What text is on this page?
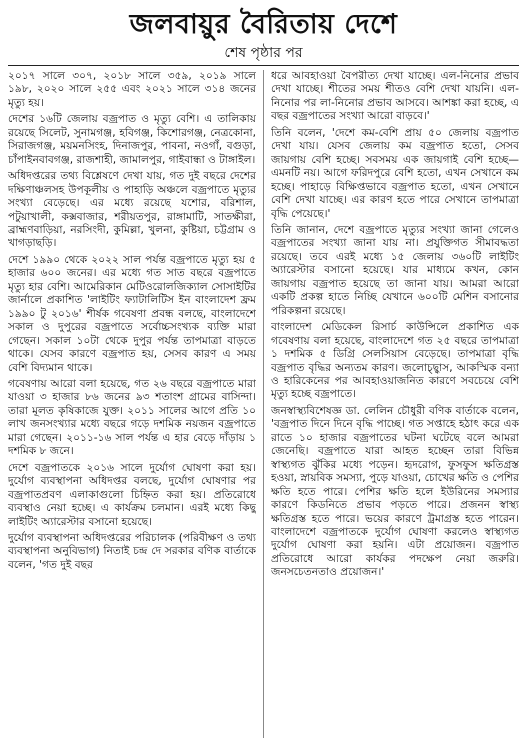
জলবায়ুর বৈরিতায় দেশে
শেষ পৃষ্ঠার পর

২০১৭ সালে ৩০৭, ২০১৮ সালে ৩৫৯, ২০১৯ সালে ১৯৮, ২০২০ সালে ২৫৫ এবং ২০২১ সালে ৩১৪ জনের মৃত্যু হয়।

দেশের ১৬টি জেলায় বজ্রপাত ও মৃত্যু বেশি। এ তালিকায় রয়েছে সিলেট, সুনামগঞ্জ, হবিগঞ্জ, কিশোরগঞ্জ, নেত্রকোনা, সিরাজগঞ্জ, ময়মনসিংহ, দিনাজপুর, পাবনা, নওগাঁ, বগুড়া, চাঁপাইনবাবগঞ্জ, রাজশাহী, জামালপুর, গাইবান্ধা ও টাঙ্গাইল।

অধিদপ্তরের তথ্য বিশ্লেষণে দেখা যায়, গত দুই বছরে দেশের দক্ষিণাঞ্চলসহ উপকূলীয় ও পাহাড়ি অঞ্চলে বজ্রপাতে মৃত্যুর সংখ্যা বেড়েছে। এর মধ্যে রয়েছে যশোর, বরিশাল, পটুয়াখালী, কক্সবাজার, শরীয়তপুর, রাঙ্গামাটি, সাতক্ষীরা, ব্রাহ্মণবাড়িয়া, নরসিংদী, কুমিল্লা, খুলনা, কুষ্টিয়া, চট্টগ্রাম ও খাগড়াছড়ি।

দেশে ১৯৯০ থেকে ২০২২ সাল পর্যন্ত বজ্রপাতে মৃত্যু হয় ৫ হাজার ৬০০ জনের। এর মধ্যে গত সাত বছরে বজ্রপাতে মৃত্যু হার বেশি। আমেরিকান মেটিওরোলজিক্যাল সোসাইটির জার্নালে প্রকাশিত 'লাইটিং ফ্যাটালিটিস ইন বাংলাদেশ ফ্রম ১৯৯০ টু ২০১৬' শীর্ষক গবেষণা প্রবন্ধ বলছে, বাংলাদেশে সকাল ও দুপুরের বজ্রপাতে সর্বোচ্চসংখ্যক ব্যক্তি মারা গেছেন। সকাল ১০টা থেকে দুপুর পর্যন্ত তাপমাত্রা বাড়তে থাকে। যেসব কারণে বজ্রপাত হয়, সেসব কারণ এ সময় বেশি বিদ্যমান থাকে।

গবেষণায় আরো বলা হয়েছে, গত ২৬ বছরে বজ্রপাতে মারা যাওয়া ৩ হাজার ৮৬ জনের ৯৩ শতাংশ গ্রামের বাসিন্দা। তারা মূলত কৃষিকাজে যুক্ত। ২০১১ সালের আগে প্রতি ১০ লাখ জনসংখ্যার মধ্যে বছরে গড়ে দশমিক নয়জন বজ্রপাতে মারা গেছেন। ২০১১-১৬ সাল পর্যন্ত এ হার বেড়ে দাঁড়ায় ১ দশমিক ৮ জনে।

দেশে বজ্রপাতকে ২০১৬ সালে দুর্যোগ ঘোষণা করা হয়। দুর্যোগ ব্যবস্থাপনা অধিদপ্তর বলছে, দুর্যোগ ঘোষণার পর বজ্রপাতপ্রবণ এলাকাগুলো চিহ্নিত করা হয়। প্রতিরোধে ব্যবস্থাও নেয়া হচ্ছে। এ কার্যক্রম চলমান। এরই মধ্যে কিছু লাইটিং অ্যারেস্টার বসানো হয়েছে।

দুর্যোগ ব্যবস্থাপনা অধিদপ্তরের পরিচালক (পরিবীক্ষণ ও তথ্য ব্যবস্থাপনা অনুবিভাগ) নিতাই চন্দ্র দে সরকার বণিক বার্তাকে বলেন, 'গত দুই বছর

ধরে আবহাওয়া বৈপরীত্য দেখা যাচ্ছে। এল-নিনোর প্রভাব দেখা যাচ্ছে। শীতের সময় শীতও বেশি দেখা যায়নি। এল-নিনোর পর লা-নিনোর প্রভাব আসবে। আশঙ্কা করা হচ্ছে, এ বছর বজ্রপাতের সংখ্যা আরো বাড়বে।'

তিনি বলেন, 'দেশে কম-বেশি প্রায় ৫০ জেলায় বজ্রপাত দেখা যায়। যেসব জেলায় কম বজ্রপাত হতো, সেসব জায়গায় বেশি হচ্ছে। সবসময় এক জায়গাই বেশি হচ্ছে—এমনটি নয়। আগে ফরিদপুরে বেশি হতো, এখন সেখানে কম হচ্ছে। পাহাড়ে বিক্ষিপ্তভাবে বজ্রপাত হতো, এখন সেখানে বেশি দেখা যাচ্ছে। এর কারণ হতে পারে সেখানে তাপমাত্রা বৃদ্ধি পেয়েছে।'

তিনি জানান, দেশে বজ্রপাতে মৃত্যুর সংখ্যা জানা গেলেও বজ্রপাতের সংখ্যা জানা যায় না। প্রযুক্তিগত সীমাবদ্ধতা রয়েছে। তবে এরই মধ্যে ১৫ জেলায় ৩৬০টি লাইটিং অ্যারেস্টার বসানো হয়েছে। যার মাধ্যমে কখন, কোন জায়গায় বজ্রপাত হয়েছে তা জানা যায়। আমরা আরো একটি প্রকল্প হাতে নিচ্ছি যেখানে ৬০০টি মেশিন বসানোর পরিকল্পনা রয়েছে।

বাংলাদেশ মেডিকেল রিসার্চ কাউন্সিলে প্রকাশিত এক গবেষণায় বলা হয়েছে, বাংলাদেশে গত ২৫ বছরে তাপমাত্রা ১ দশমিক ৫ ডিগ্রি সেলসিয়াস বেড়েছে। তাপমাত্রা বৃদ্ধি বজ্রপাত বৃদ্ধির অন্যতম কারণ। জলোচ্ছ্বাস, আকস্মিক বন্যা ও হারিকেনের পর আবহাওয়াজনিত কারণে সবচেয়ে বেশি মৃত্যু হচ্ছে বজ্রপাতে।

জনস্বাস্থ্যবিশেষজ্ঞ ডা. লেলিন চৌধুরী বণিক বার্তাকে বলেন, 'বজ্রপাত দিনে দিনে বৃদ্ধি পাচ্ছে। গত সপ্তাহে হঠাৎ করে এক রাতে ১০ হাজার বজ্রপাতের ঘটনা ঘটেছে বলে আমরা জেনেছি। বজ্রপাতে যারা আহত হচ্ছেন তারা বিভিন্ন স্বাস্থ্যগত ঝুঁকির মধ্যে পড়েন। হৃদরোগ, ফুসফুস ক্ষতিগ্রস্ত হওয়া, স্নায়বিক সমস্যা, পুড়ে যাওয়া, চোখের ক্ষতি ও পেশির ক্ষতি হতে পারে। পেশির ক্ষতি হলে ইউরিনের সমস্যার কারণে কিডনিতে প্রভাব পড়তে পারে। প্রজনন স্বাস্থ্য ক্ষতিগ্রস্ত হতে পারে। ভয়ের কারণে ট্রমাগ্রস্ত হতে পারেন। বাংলাদেশে বজ্রপাতকে দুর্যোগ ঘোষণা করলেও স্বাস্থ্যগত দুর্যোগ ঘোষণা করা হয়নি। এটা প্রয়োজন। বজ্রপাত প্রতিরোধে আরো কার্যকর পদক্ষেপ নেয়া জরুরি। জনসচেতনতাও প্রয়োজন।'
